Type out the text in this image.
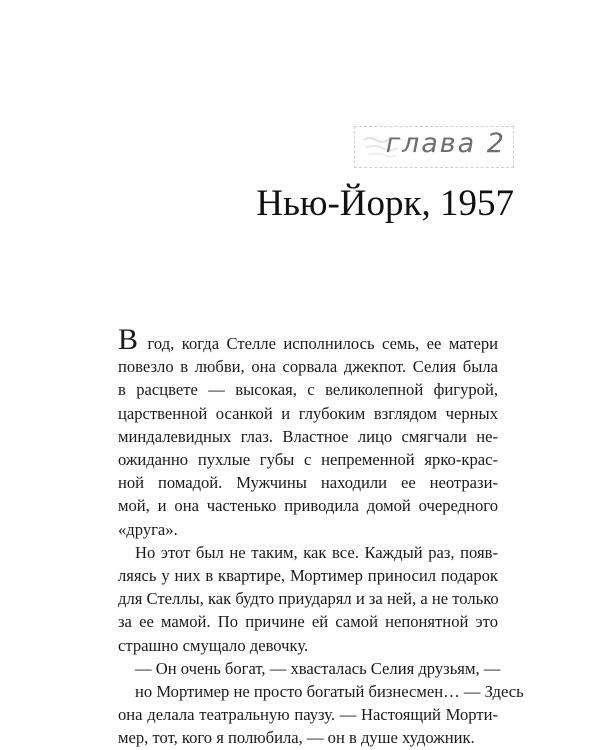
глава 2
Нью-Йорк, 1957
В год, когда Стелле исполнилось семь, ее матери
повезло в любви, она сорвала джекпот. Селия была
в расцвете — высокая, с великолепной фигурой,
царственной осанкой и глубоким взглядом черных
миндалевидных глаз. Властное лицо смягчали не-
ожиданно пухлые губы с непременной ярко-крас-
ной помадой. Мужчины находили ее неотрази-
мой, и она частенько приводила домой очередного
«друга».
Но этот был не таким, как все. Каждый раз, появ-
ляясь у них в квартире, Мортимер приносил подарок
для Стеллы, как будто приударял и за ней, а не только
за ее мамой. По причине ей самой непонятной это
страшно смущало девочку.
— Он очень богат, — хвасталась Селия друзьям, —
но Мортимер не просто богатый бизнесмен… — Здесь
она делала театральную паузу. — Настоящий Морти-
мер, тот, кого я полюбила, — он в душе художник.
